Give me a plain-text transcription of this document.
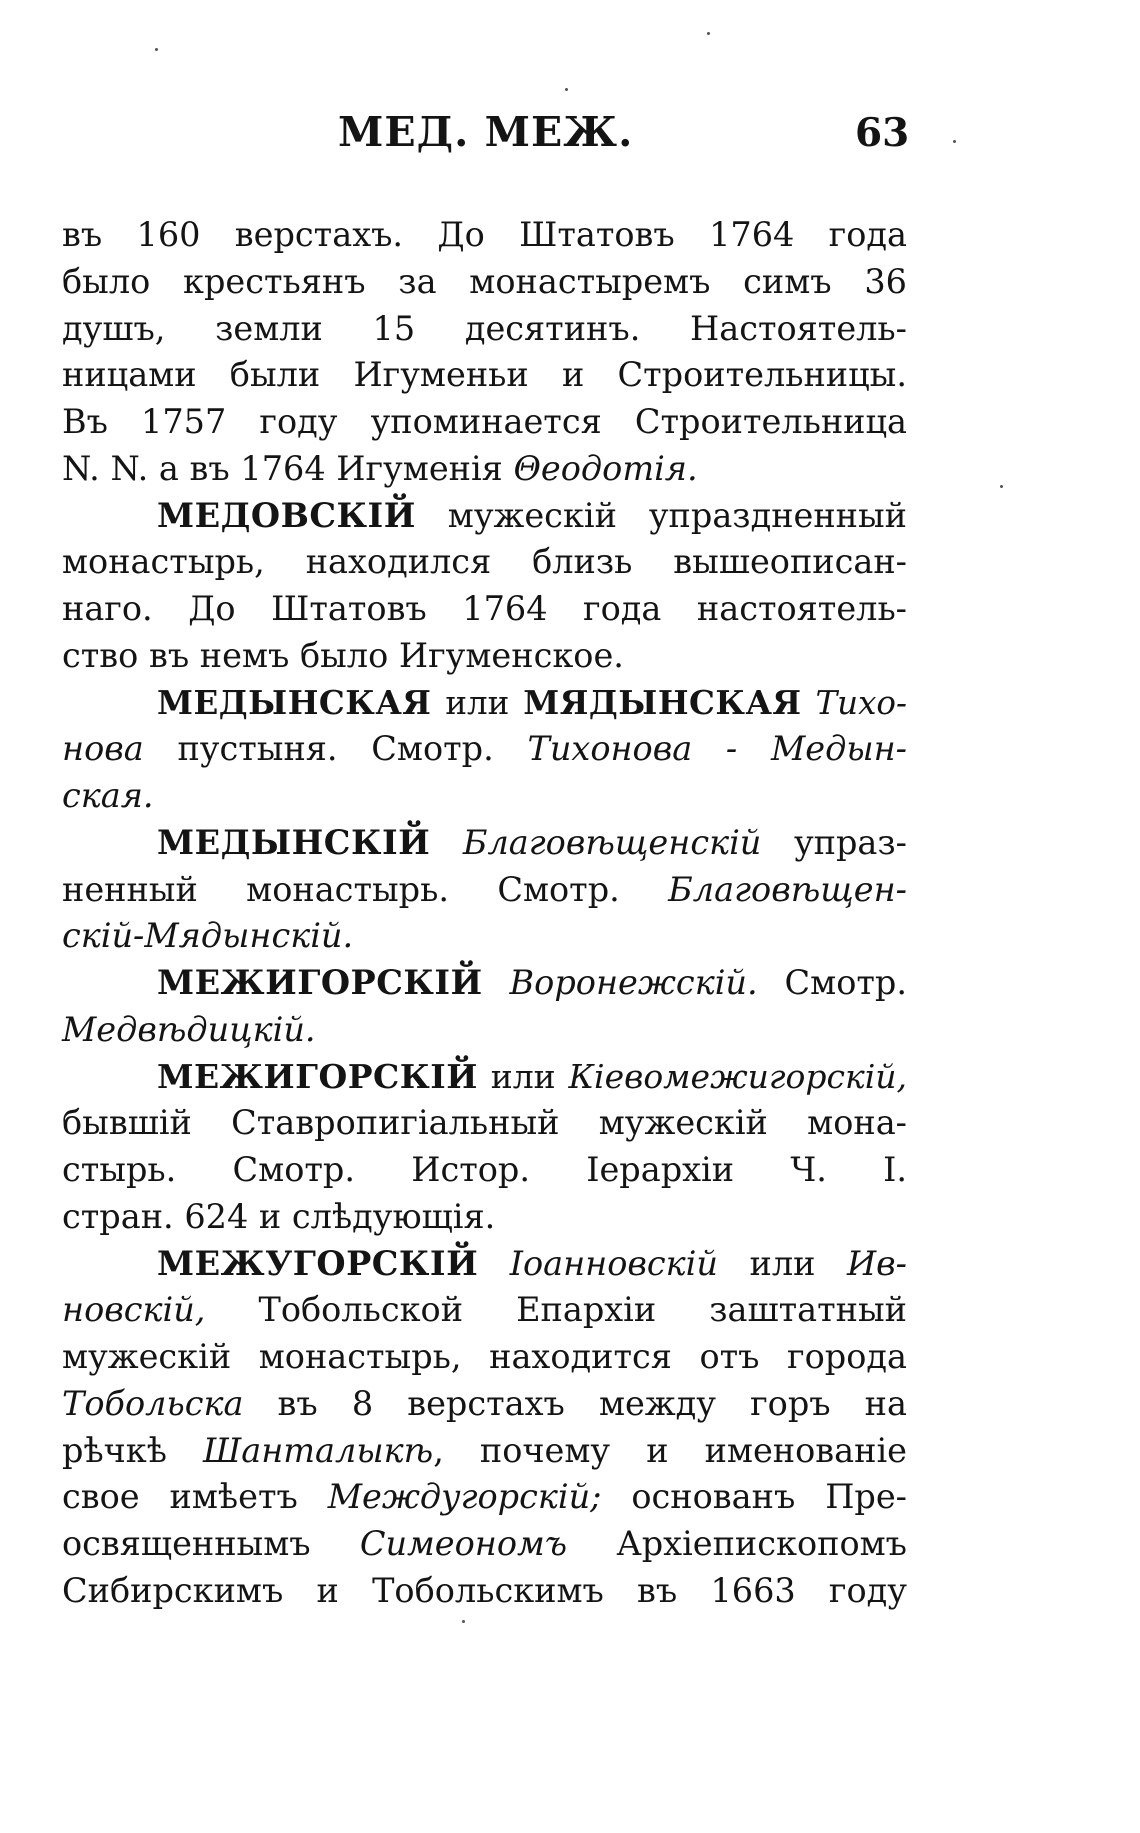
МЕД. МЕЖ.	63
въ 160 верстахъ. До Штатовъ 1764 года
было крестьянъ за монастыремъ симъ 36
душъ, земли 15 десятинъ. Настоятель-
ницами были Игуменьи и Строительницы.
Въ 1757 году упоминается Строительница
N. N. а въ 1764 Игуменія Θеодотія.
МЕДОВСКІЙ мужескій упраздненный
монастырь, находился близь вышеописан-
наго. До Штатовъ 1764 года настоятель-
ство въ немъ было Игуменское.
МЕДЫНСКАЯ или МЯДЫНСКАЯ Тихо-
нова пустыня. Смотр. Тихонова - Медын-
ская.
МЕДЫНСКІЙ Благовѣщенскій упраз-
ненный монастырь. Смотр. Благовѣщен-
скій-Мядынскій.
МЕЖИГОРСКІЙ Воронежскій. Смотр.
Медвѣдицкій.
МЕЖИГОРСКІЙ или Кіевомежигорскій,
бывшій Ставропигіальный мужескій мона-
стырь. Смотр. Истор. Іерархіи Ч. I.
стран. 624 и слѣдующія.
МЕЖУГОРСКІЙ Іоанновскій или Ив-
новскій, Тобольской Епархіи заштатный
мужескій монастырь, находится отъ города
Тобольска въ 8 верстахъ между горъ на
рѣчкѣ Шанталыкѣ, почему и именованіе
свое имѣетъ Междугорскій; основанъ Пре-
освященнымъ Симеономъ Архіепископомъ
Сибирскимъ и Тобольскимъ въ 1663 году
